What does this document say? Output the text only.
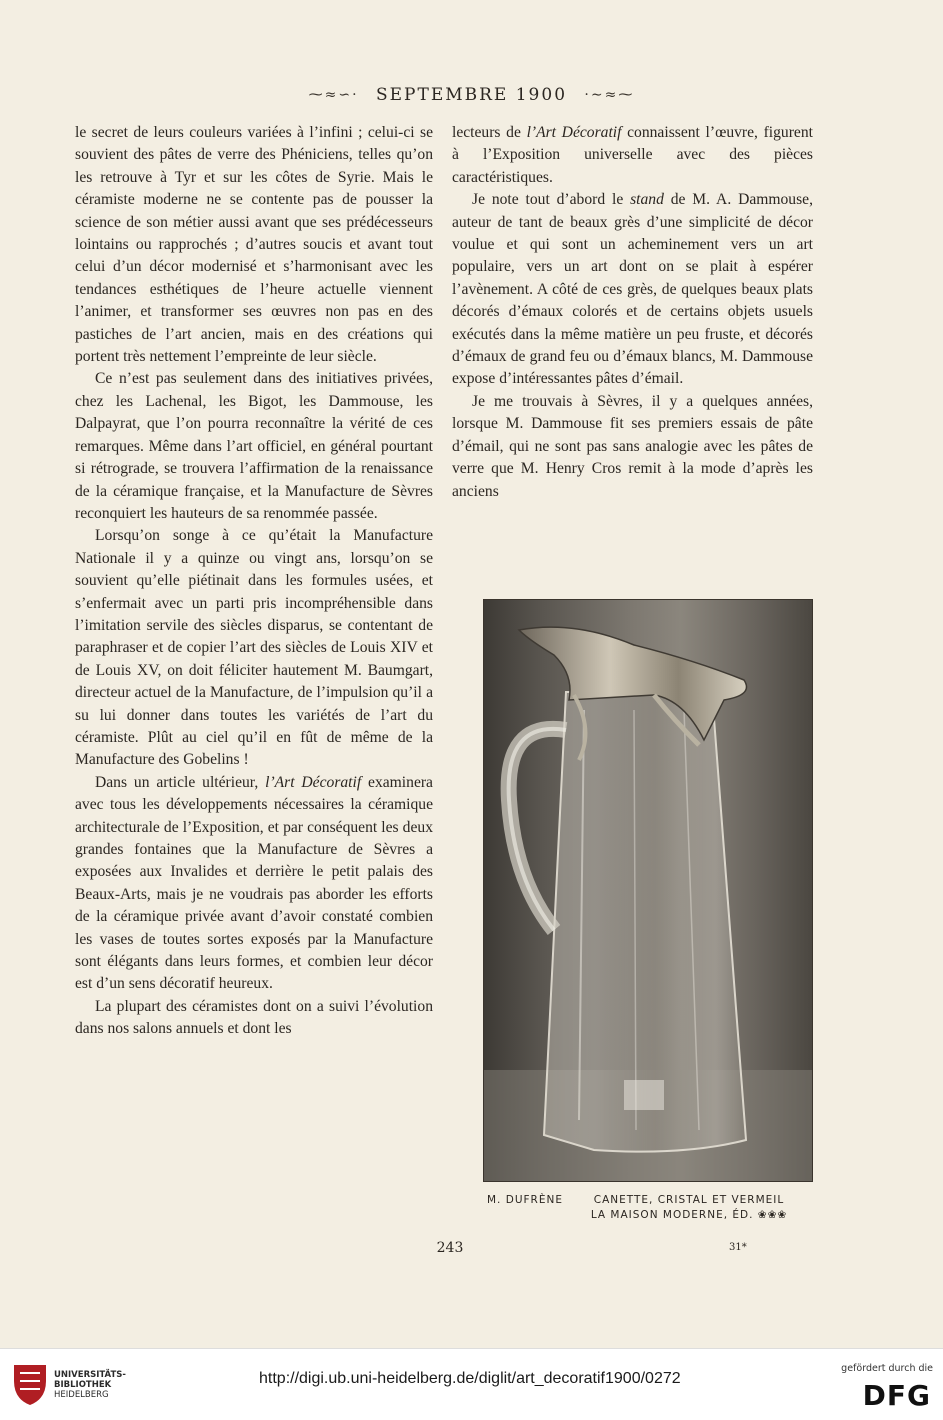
⁓≈∽· SEPTEMBRE 1900 ·∼≈⁓

le secret de leurs couleurs variées à l’infini ; celui-ci se souvient des pâtes de verre des Phéniciens, telles qu’on les retrouve à Tyr et sur les côtes de Syrie. Mais le céramiste moderne ne se contente pas de pousser la science de son métier aussi avant que ses prédécesseurs lointains ou rapprochés ; d’autres soucis et avant tout celui d’un décor modernisé et s’harmonisant avec les tendances esthétiques de l’heure actuelle viennent l’animer, et transformer ses œuvres non pas en des pastiches de l’art ancien, mais en des créations qui portent très nettement l’empreinte de leur siècle.

Ce n’est pas seulement dans des initiatives privées, chez les Lachenal, les Bigot, les Dammouse, les Dalpayrat, que l’on pourra reconnaître la vérité de ces remarques. Même dans l’art officiel, en général pourtant si rétrograde, se trouvera l’affirmation de la renaissance de la céramique française, et la Manufacture de Sèvres reconquiert les hauteurs de sa renommée passée.

Lorsqu’on songe à ce qu’était la Manufacture Nationale il y a quinze ou vingt ans, lorsqu’on se souvient qu’elle piétinait dans les formules usées, et s’enfermait avec un parti pris incompréhensible dans l’imitation servile des siècles disparus, se contentant de paraphraser et de copier l’art des siècles de Louis XIV et de Louis XV, on doit féliciter hautement M. Baumgart, directeur actuel de la Manufacture, de l’impulsion qu’il a su lui donner dans toutes les variétés de l’art du céramiste. Plût au ciel qu’il en fût de même de la Manufacture des Gobelins !

Dans un article ultérieur, l’Art Décoratif examinera avec tous les développements nécessaires la céramique architecturale de l’Exposition, et par conséquent les deux grandes fontaines que la Manufacture de Sèvres a exposées aux Invalides et derrière le petit palais des Beaux-Arts, mais je ne voudrais pas aborder les efforts de la céramique privée avant d’avoir constaté combien les vases de toutes sortes exposés par la Manufacture sont élégants dans leurs formes, et combien leur décor est d’un sens décoratif heureux.

La plupart des céramistes dont on a suivi l’évolution dans nos salons annuels et dont les

lecteurs de l’Art Décoratif connaissent l’œuvre, figurent à l’Exposition universelle avec des pièces caractéristiques.

Je note tout d’abord le stand de M. A. Dammouse, auteur de tant de beaux grès d’une simplicité de décor voulue et qui sont un acheminement vers un art populaire, vers un art dont on se plait à espérer l’avènement. A côté de ces grès, de quelques beaux plats décorés d’émaux colorés et de certains objets usuels exécutés dans la même matière un peu fruste, et décorés d’émaux de grand feu ou d’émaux blancs, M. Dammouse expose d’intéressantes pâtes d’émail.

Je me trouvais à Sèvres, il y a quelques années, lorsque M. Dammouse fit ses premiers essais de pâte d’émail, qui ne sont pas sans analogie avec les pâtes de verre que M. Henry Cros remit à la mode d’après les anciens

M. DUFRÈNE	CANETTE, CRISTAL ET VERMEIL
LA MAISON MODERNE, ÉD. ❀❀❀
243	31*
UNIVERSITÄTS-
BIBLIOTHEK
HEIDELBERG
http://digi.ub.uni-heidelberg.de/diglit/art_decoratif1900/0272
gefördert durch die
DFG
